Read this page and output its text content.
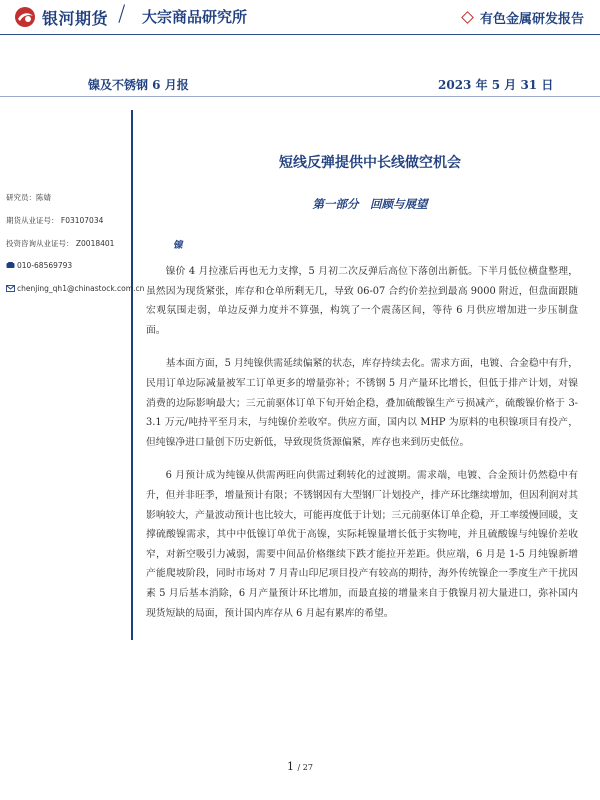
银河期货 / 大宗商品研究所	有色金属研发报告
镍及不锈钢 6 月报	2023 年 5 月 31 日
研究员：陈婧
期货从业证号： F03107034
投资咨询从业证号： Z0018401
010-68569793
chenjing_qh1@chinastock.com.cn
短线反弹提供中长线做空机会
第一部分　回顾与展望
镍

镍价 4 月拉涨后再也无力支撑，5 月初二次反弹后高位下落创出新低。下半月低位横盘整理，虽然因为现货紧张，库存和仓单所剩无几，导致 06-07 合约价差拉到最高 9000 附近，但盘面跟随宏观氛围走弱，单边反弹力度并不算强，构筑了一个震荡区间，等待 6 月供应增加进一步压制盘面。

基本面方面，5 月纯镍供需延续偏紧的状态，库存持续去化。需求方面，电镀、合金稳中有升，民用订单边际减量被军工订单更多的增量弥补；不锈钢 5 月产量环比增长，但低于排产计划，对镍消费的边际影响最大；三元前驱体订单下旬开始企稳，叠加硫酸镍生产亏损减产，硫酸镍价格于 3-3.1 万元/吨持平至月末，与纯镍价差收窄。供应方面，国内以 MHP 为原料的电积镍项目有投产，但纯镍净进口量创下历史新低，导致现货货源偏紧，库存也来到历史低位。

6 月预计成为纯镍从供需两旺向供需过剩转化的过渡期。需求端，电镀、合金预计仍然稳中有升，但并非旺季，增量预计有限；不锈钢因有大型钢厂计划投产，排产环比继续增加，但因利润对其影响较大，产量波动预计也比较大，可能再度低于计划；三元前驱体订单企稳，开工率缓慢回暖，支撑硫酸镍需求，其中中低镍订单优于高镍，实际耗镍量增长低于实物吨，并且硫酸镍与纯镍价差收窄，对新空吸引力减弱，需要中间品价格继续下跌才能拉开差距。供应端，6 月是 1-5 月纯镍新增产能爬坡阶段，同时市场对 7 月青山印尼项目投产有较高的期待，海外传统镍企一季度生产干扰因素 5 月后基本消除，6 月产量预计环比增加，而最直接的增量来自于俄镍月初大量进口，弥补国内现货短缺的局面，预计国内库存从 6 月起有累库的希望。

1 / 27
